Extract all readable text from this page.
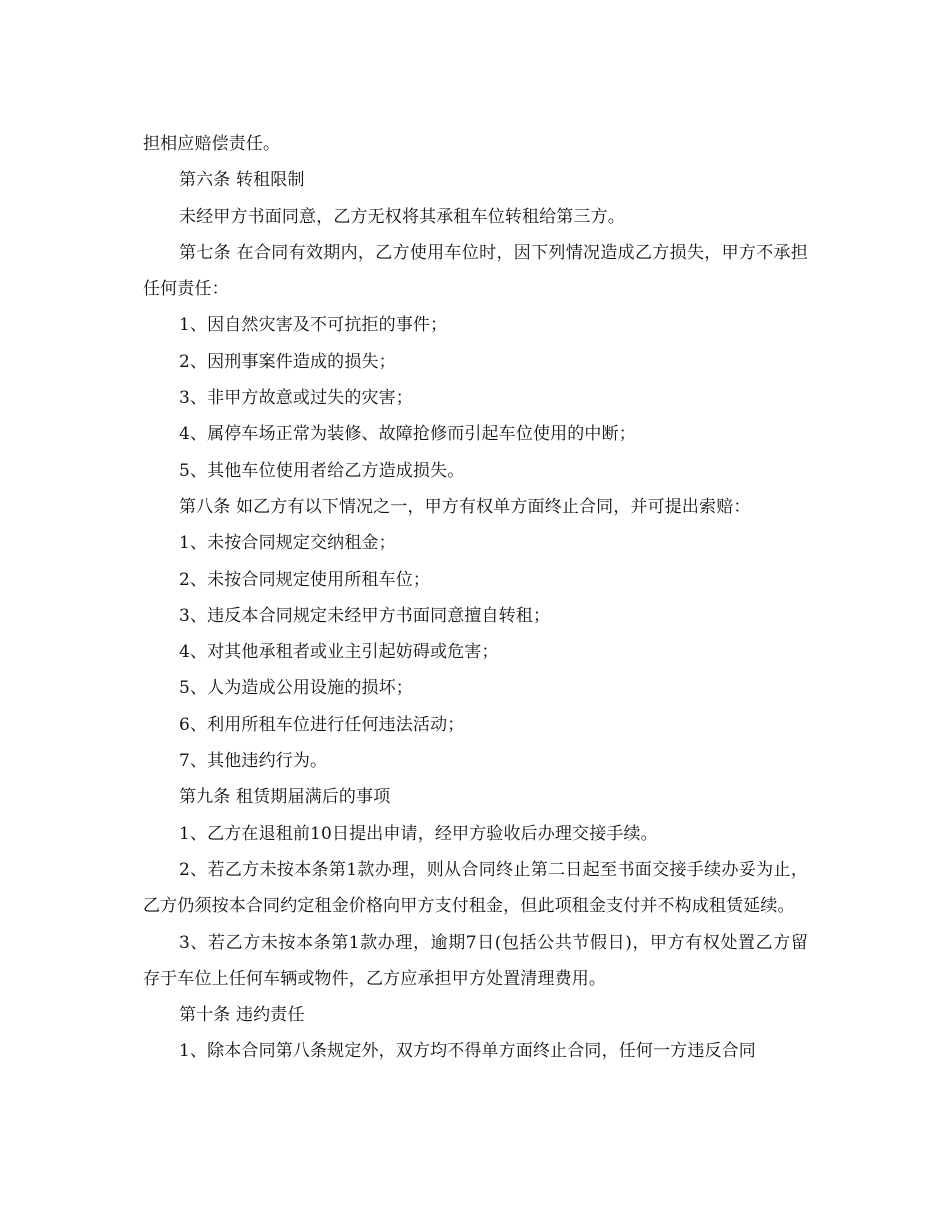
担相应赔偿责任。

第六条 转租限制

未经甲方书面同意，乙方无权将其承租车位转租给第三方。

第七条 在合同有效期内，乙方使用车位时，因下列情况造成乙方损失，甲方不承担任何责任：

1、因自然灾害及不可抗拒的事件；

2、因刑事案件造成的损失；

3、非甲方故意或过失的灾害；

4、属停车场正常为装修、故障抢修而引起车位使用的中断；

5、其他车位使用者给乙方造成损失。

第八条 如乙方有以下情况之一，甲方有权单方面终止合同，并可提出索赔：

1、未按合同规定交纳租金；

2、未按合同规定使用所租车位；

3、违反本合同规定未经甲方书面同意擅自转租；

4、对其他承租者或业主引起妨碍或危害；

5、人为造成公用设施的损坏；

6、利用所租车位进行任何违法活动；

7、其他违约行为。

第九条 租赁期届满后的事项

1、乙方在退租前10日提出申请，经甲方验收后办理交接手续。

2、若乙方未按本条第1款办理，则从合同终止第二日起至书面交接手续办妥为止，乙方仍须按本合同约定租金价格向甲方支付租金，但此项租金支付并不构成租赁延续。

3、若乙方未按本条第1款办理，逾期7日(包括公共节假日)，甲方有权处置乙方留存于车位上任何车辆或物件，乙方应承担甲方处置清理费用。

第十条 违约责任

1、除本合同第八条规定外，双方均不得单方面终止合同，任何一方违反合同
